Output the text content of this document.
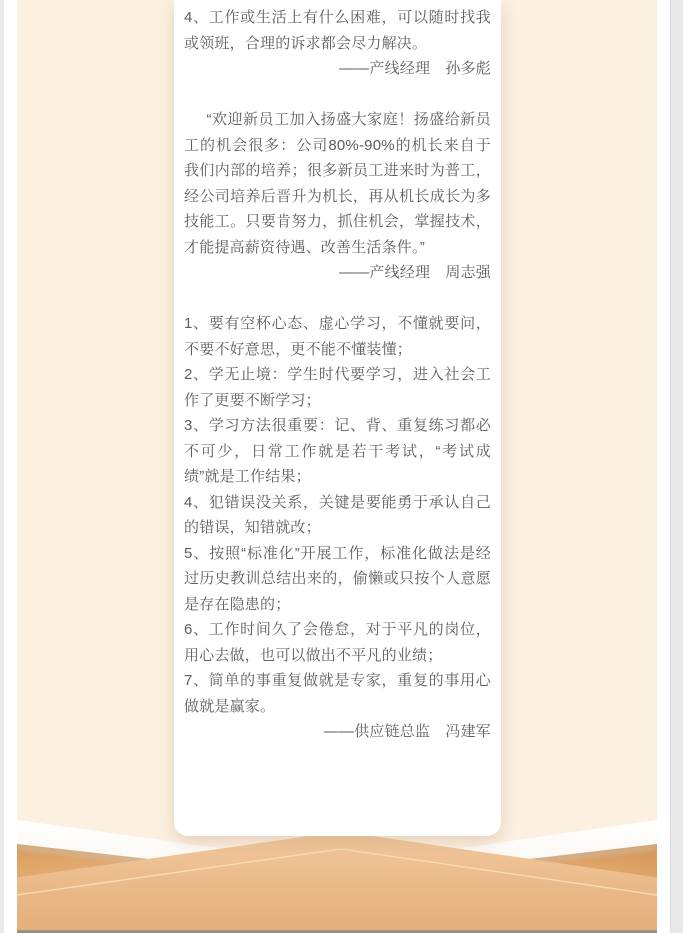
4、工作或生活上有什么困难，可以随时找我或领班，合理的诉求都会尽力解决。

——产线经理　孙多彪

“欢迎新员工加入扬盛大家庭！扬盛给新员工的机会很多：公司80%-90%的机长来自于我们内部的培养；很多新员工进来时为普工，经公司培养后晋升为机长，再从机长成长为多技能工。只要肯努力，抓住机会，掌握技术，才能提高薪资待遇、改善生活条件。”

——产线经理　周志强

1、要有空杯心态、虚心学习，不懂就要问，不要不好意思，更不能不懂装懂；

2、学无止境：学生时代要学习，进入社会工作了更要不断学习；

3、学习方法很重要：记、背、重复练习都必不可少，日常工作就是若干考试，“考试成绩”就是工作结果；

4、犯错误没关系，关键是要能勇于承认自己的错误，知错就改；

5、按照“标准化”开展工作，标准化做法是经过历史教训总结出来的，偷懒或只按个人意愿是存在隐患的；

6、工作时间久了会倦怠，对于平凡的岗位，用心去做，也可以做出不平凡的业绩；

7、简单的事重复做就是专家，重复的事用心做就是赢家。

——供应链总监　冯建军
